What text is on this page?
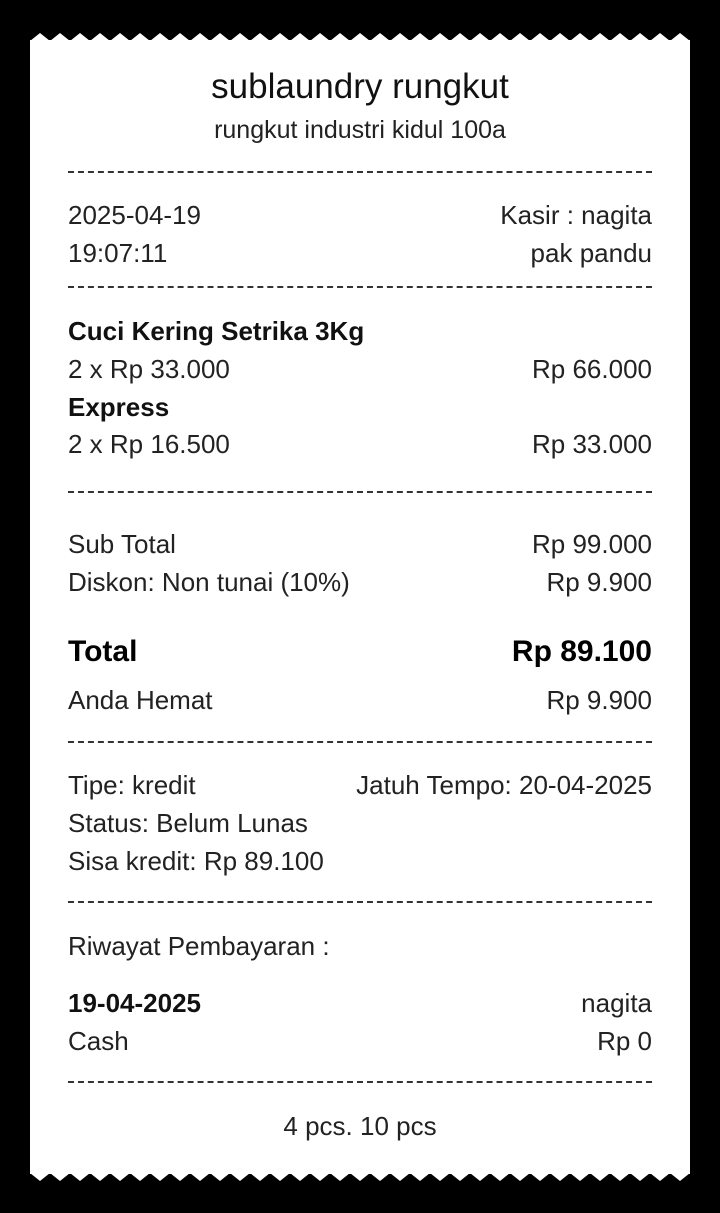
sublaundry rungkut
rungkut industri kidul 100a
2025-04-19	Kasir : nagita
19:07:11	pak pandu
Cuci Kering Setrika 3Kg
2 x Rp 33.000	Rp 66.000
Express
2 x Rp 16.500	Rp 33.000
Sub Total	Rp 99.000
Diskon: Non tunai (10%)	Rp 9.900
Total	Rp 89.100
Anda Hemat	Rp 9.900
Tipe: kredit	Jatuh Tempo: 20-04-2025
Status: Belum Lunas
Sisa kredit: Rp 89.100
Riwayat Pembayaran :
19-04-2025	nagita
Cash	Rp 0
4 pcs. 10 pcs
